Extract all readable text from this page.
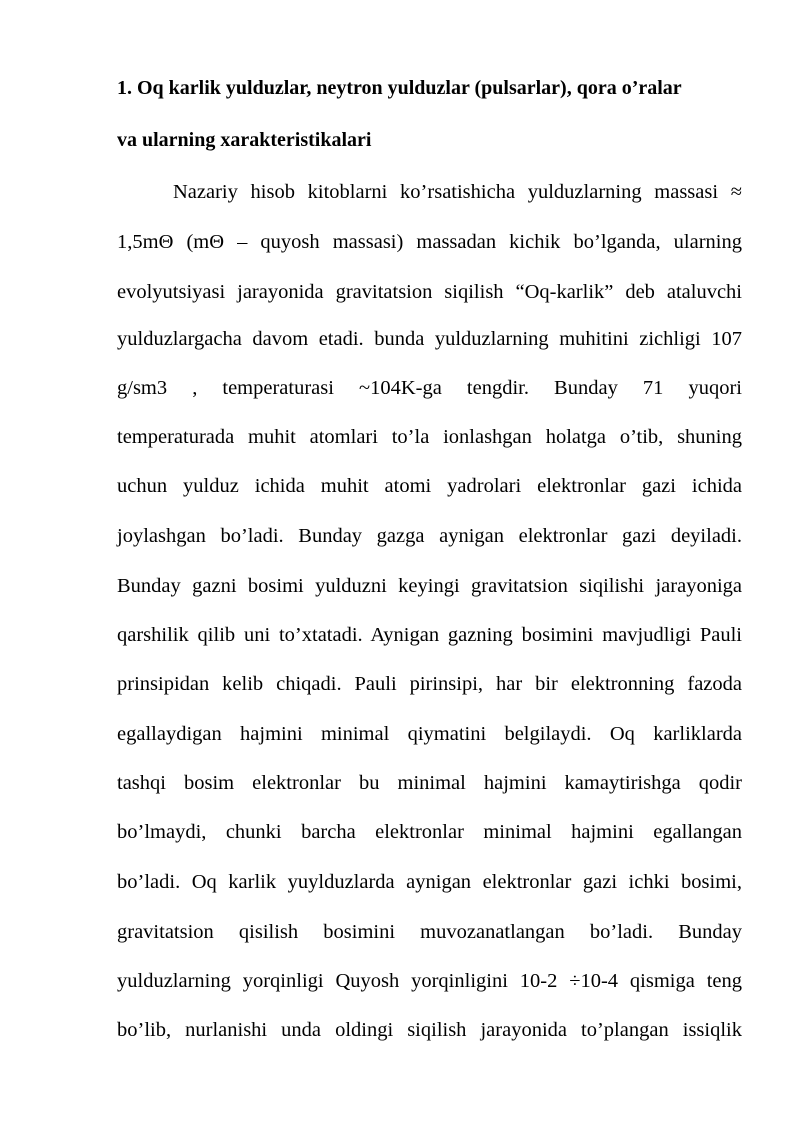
1. Oq karlik yulduzlar, neytron yulduzlar (pulsarlar), qora o’ralar
va ularning xarakteristikalari
Nazariy hisob kitoblarni ko’rsatishicha yulduzlarning massasi ≈
1,5mΘ (mΘ – quyosh massasi) massadan kichik bo’lganda, ularning
evolyutsiyasi jarayonida gravitatsion siqilish “Oq-karlik” deb ataluvchi
yulduzlargacha davom etadi. bunda yulduzlarning muhitini zichligi 107
g/sm3 , temperaturasi ~104K-ga tengdir. Bunday 71 yuqori
temperaturada muhit atomlari to’la ionlashgan holatga o’tib, shuning
uchun yulduz ichida muhit atomi yadrolari elektronlar gazi ichida
joylashgan bo’ladi. Bunday gazga aynigan elektronlar gazi deyiladi.
Bunday gazni bosimi yulduzni keyingi gravitatsion siqilishi jarayoniga
qarshilik qilib uni to’xtatadi. Aynigan gazning bosimini mavjudligi Pauli
prinsipidan kelib chiqadi. Pauli pirinsipi, har bir elektronning fazoda
egallaydigan hajmini minimal qiymatini belgilaydi. Oq karliklarda
tashqi bosim elektronlar bu minimal hajmini kamaytirishga qodir
bo’lmaydi, chunki barcha elektronlar minimal hajmini egallangan
bo’ladi. Oq karlik yuylduzlarda aynigan elektronlar gazi ichki bosimi,
gravitatsion qisilish bosimini muvozanatlangan bo’ladi. Bunday
yulduzlarning yorqinligi Quyosh yorqinligini 10-2 ÷10-4 qismiga teng
bo’lib, nurlanishi unda oldingi siqilish jarayonida to’plangan issiqlik
